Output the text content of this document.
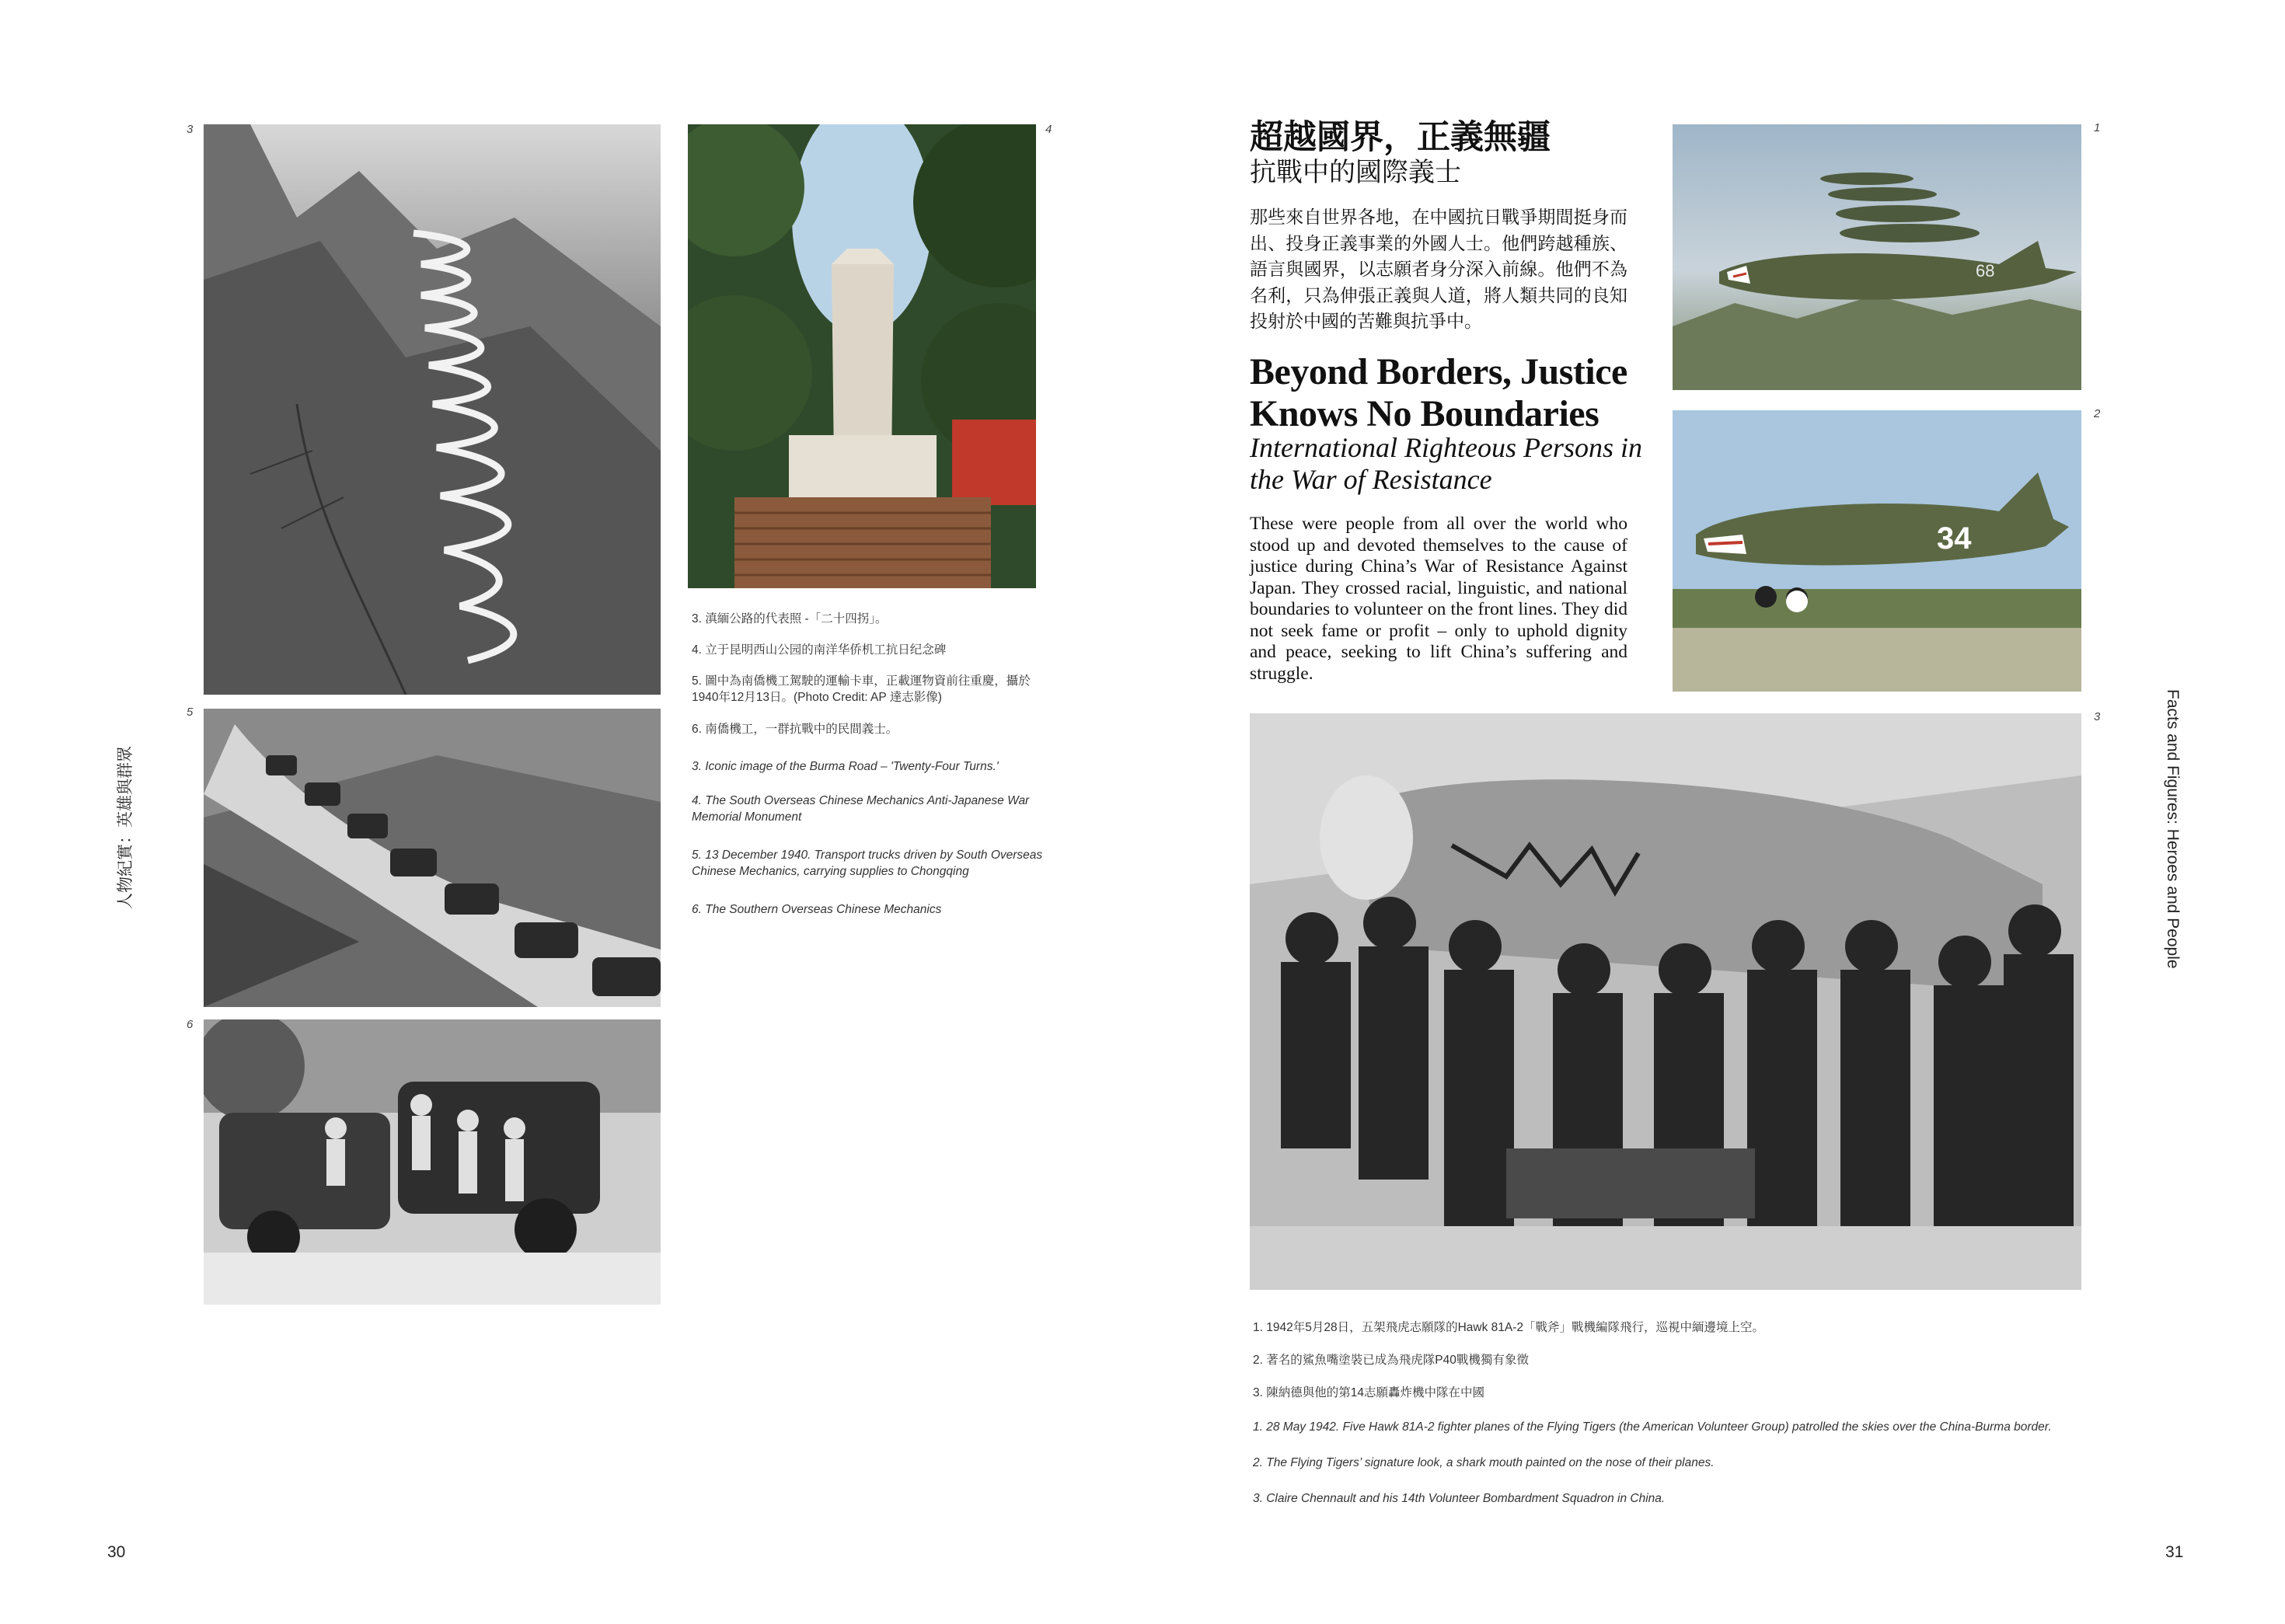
3	4
5
6
3. 滇緬公路的代表照 -「二十四拐」。
4. 立于昆明西山公园的南洋华侨机工抗日纪念碑
5. 圖中為南僑機工駕駛的運輸卡車，正載運物資前往重慶，攝於1940年12月13日。(Photo Credit: AP 達志影像)
6. 南僑機工，一群抗戰中的民間義士。
3. Iconic image of the Burma Road – 'Twenty-Four Turns.'
4. The South Overseas Chinese Mechanics Anti-Japanese War Memorial Monument
5. 13 December 1940. Transport trucks driven by South Overseas Chinese Mechanics, carrying supplies to Chongqing
6. The Southern Overseas Chinese Mechanics
人物紀實：英雄與群眾
30
超越國界，正義無疆
抗戰中的國際義士
那些來自世界各地，在中國抗日戰爭期間挺身而出、投身正義事業的外國人士。他們跨越種族、語言與國界，以志願者身分深入前線。他們不為名利，只為伸張正義與人道，將人類共同的良知投射於中國的苦難與抗爭中。
Beyond Borders, Justice Knows No Boundaries
International Righteous Persons in the War of Resistance
These were people from all over the world who stood up and devoted themselves to the cause of justice during China’s War of Resistance Against Japan. They crossed racial, linguistic, and national boundaries to volunteer on the front lines. They did not seek fame or profit – only to uphold dignity and peace, seeking to lift China’s suffering and struggle.
1
68
2
34
3
1. 1942年5月28日，五架飛虎志願隊的Hawk 81A-2「戰斧」戰機編隊飛行，巡視中緬邊境上空。
2. 著名的鯊魚嘴塗裝已成為飛虎隊P40戰機獨有象徵
3. 陳納德與他的第14志願轟炸機中隊在中國
1. 28 May 1942. Five Hawk 81A-2 fighter planes of the Flying Tigers (the American Volunteer Group) patrolled the skies over the China-Burma border.
2. The Flying Tigers’ signature look, a shark mouth painted on the nose of their planes.
3. Claire Chennault and his 14th Volunteer Bombardment Squadron in China.
Facts and Figures: Heroes and People
31
